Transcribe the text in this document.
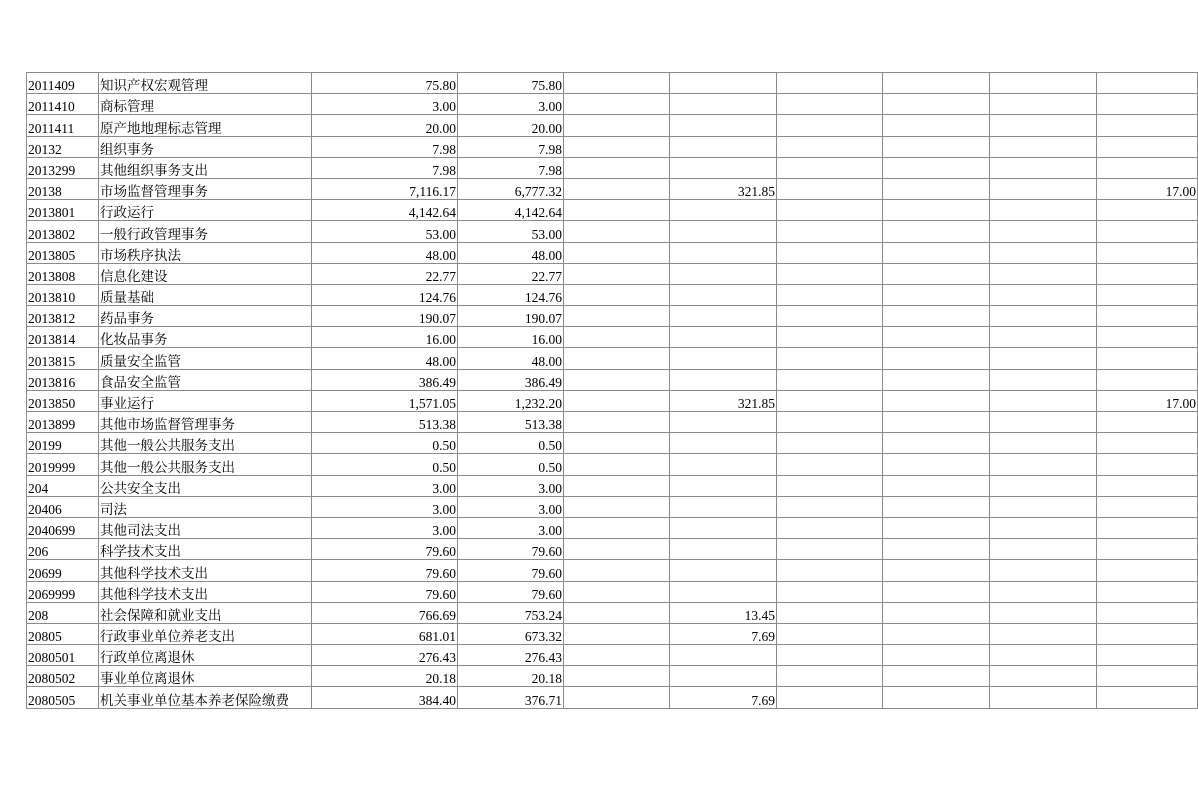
2011409	知识产权宏观管理	75.80	75.80						
2011410	商标管理	3.00	3.00						
2011411	原产地地理标志管理	20.00	20.00						
20132	组织事务	7.98	7.98						
2013299	其他组织事务支出	7.98	7.98						
20138	市场监督管理事务	7,116.17	6,777.32		321.85				17.00
2013801	行政运行	4,142.64	4,142.64						
2013802	一般行政管理事务	53.00	53.00						
2013805	市场秩序执法	48.00	48.00						
2013808	信息化建设	22.77	22.77						
2013810	质量基础	124.76	124.76						
2013812	药品事务	190.07	190.07						
2013814	化妆品事务	16.00	16.00						
2013815	质量安全监管	48.00	48.00						
2013816	食品安全监管	386.49	386.49						
2013850	事业运行	1,571.05	1,232.20		321.85				17.00
2013899	其他市场监督管理事务	513.38	513.38						
20199	其他一般公共服务支出	0.50	0.50						
2019999	其他一般公共服务支出	0.50	0.50						
204	公共安全支出	3.00	3.00						
20406	司法	3.00	3.00						
2040699	其他司法支出	3.00	3.00						
206	科学技术支出	79.60	79.60						
20699	其他科学技术支出	79.60	79.60						
2069999	其他科学技术支出	79.60	79.60						
208	社会保障和就业支出	766.69	753.24		13.45				
20805	行政事业单位养老支出	681.01	673.32		7.69				
2080501	行政单位离退休	276.43	276.43						
2080502	事业单位离退休	20.18	20.18						
2080505	机关事业单位基本养老保险缴费	384.40	376.71		7.69				
